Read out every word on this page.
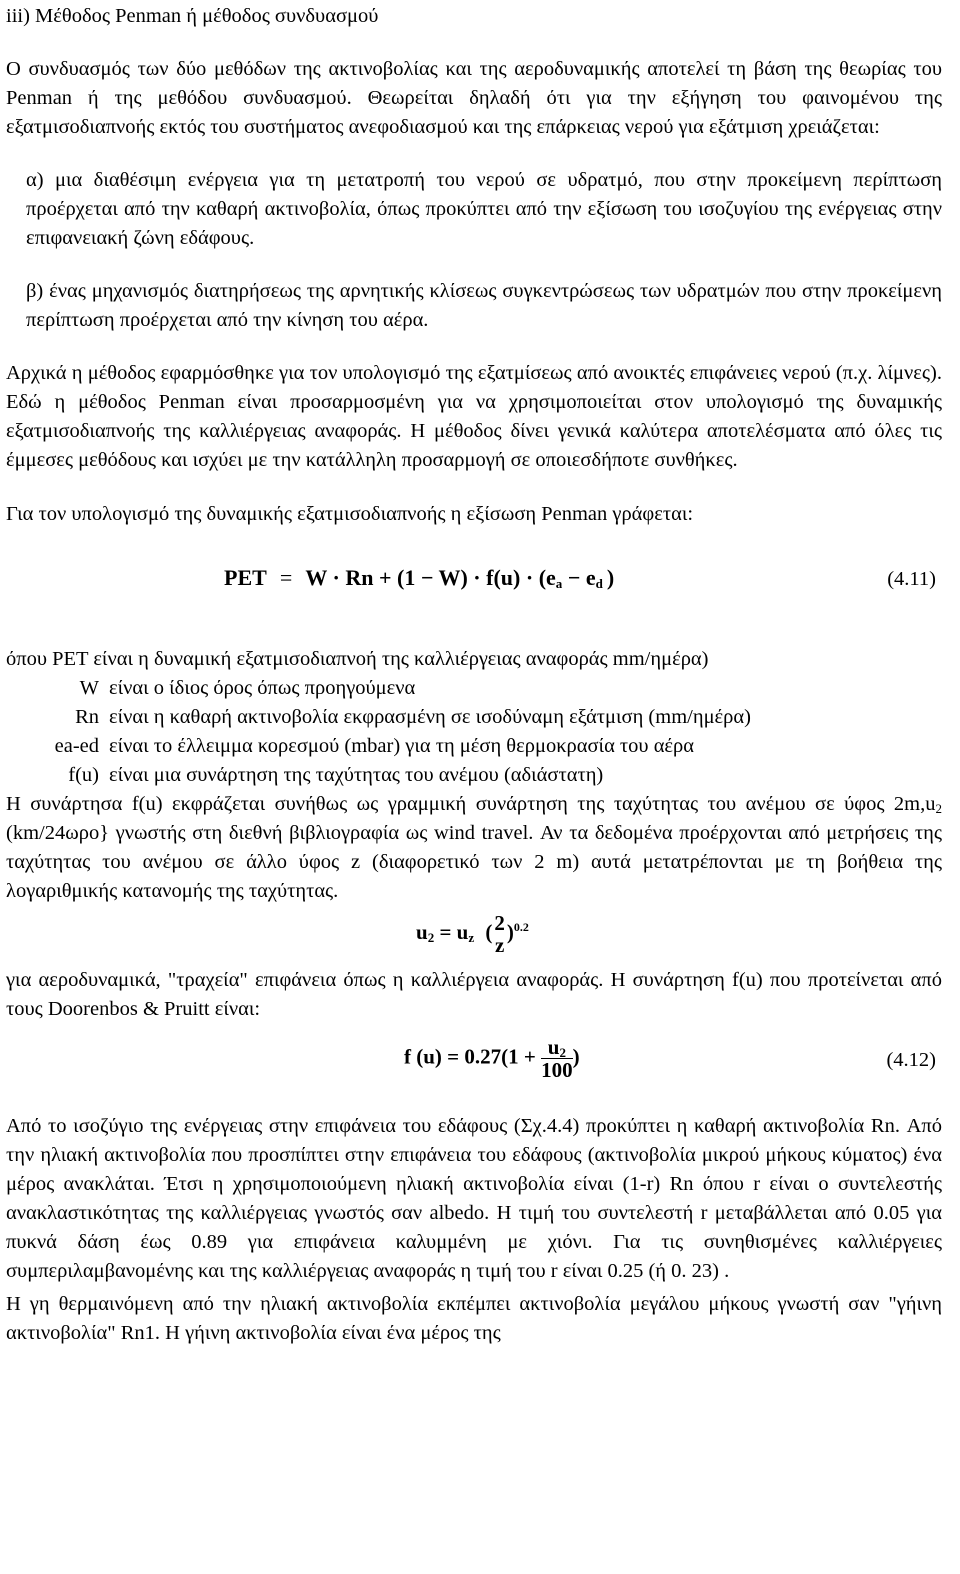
iii) Μέθοδος Penman ή μέθοδος συνδυασμού

Ο συνδυασμός των δύο μεθόδων της ακτινοβολίας και της αεροδυναμικής αποτελεί τη βάση της θεωρίας του Penman ή της μεθόδου συνδυασμού. Θεωρείται δηλαδή ότι για την εξήγηση του φαινομένου της εξατμισοδιαπνοής εκτός του συστήματος ανεφοδιασμού και της επάρκειας νερού για εξάτμιση χρειάζεται:

α) μια διαθέσιμη ενέργεια για τη μετατροπή του νερού σε υδρατμό, που στην προκείμενη περίπτωση προέρχεται από την καθαρή ακτινοβολία, όπως προκύπτει από την εξίσωση του ισοζυγίου της ενέργειας στην επιφανειακή ζώνη εδάφους.

β) ένας μηχανισμός διατηρήσεως της αρνητικής κλίσεως συγκεντρώσεως των υδρατμών που στην προκείμενη περίπτωση προέρχεται από την κίνηση του αέρα.

Αρχικά η μέθοδος εφαρμόσθηκε για τον υπολογισμό της εξατμίσεως από ανοικτές επιφάνειες νερού (π.χ. λίμνες). Εδώ η μέθοδος Penman είναι προσαρμοσμένη για να χρησιμοποιείται στον υπολογισμό της δυναμικής εξατμισοδιαπνοής της καλλιέργειας αναφοράς. Η μέθοδος δίνει γενικά καλύτερα αποτελέσματα από όλες τις έμμεσες μεθόδους και ισχύει με την κατάλληλη προσαρμογή σε οποιεσδήποτε συνθήκες.

Για τον υπολογισμό της δυναμικής εξατμισοδιαπνοής η εξίσωση Penman γράφεται:

PET = $W \cdot Rn + (1 - W) \cdot f(u) \cdot (e_a - e_d$ )	(4.11)

όπου PET είναι η δυναμική εξατμισοδιαπνοή της καλλιέργειας αναφοράς mm/ημέρα)

W είναι ο ίδιος όρος όπως προηγούμενα
Rn είναι η καθαρή ακτινοβολία εκφρασμένη σε ισοδύναμη εξάτμιση (mm/ημέρα)
ea-ed είναι το έλλειμμα κορεσμού (mbar) για τη μέση θερμοκρασία του αέρα
f(u) είναι μια συνάρτηση της ταχύτητας του ανέμου (αδιάστατη)

Η συνάρτησα f(u) εκφράζεται συνήθως ως γραμμική συνάρτηση της ταχύτητας του ανέμου σε ύφος $2m,u_2$ (km/24ωρο} γνωστής στη διεθνή βιβλιογραφία ως wind travel. Αν τα δεδομένα προέρχονται από μετρήσεις της ταχύτητας του ανέμου σε άλλο ύφος z (διαφορετικό των 2 m) αυτά μετατρέπονται με τη βοήθεια της λογαριθμικής κατανομής της ταχύτητας.

$u_2 = u_z$ ( 2
z
)$^{0.2}$

για αεροδυναμικά, "τραχεία" επιφάνεια όπως η καλλιέργεια αναφοράς. Η συνάρτηση f(u) που προτείνεται από τους Doorenbos & Pruitt είναι:

f $(u) = 0.27(1 + \frac{u_2}{100}$ )	(4.12)

Από το ισοζύγιο της ενέργειας στην επιφάνεια του εδάφους (Σχ.4.4) προκύπτει η καθαρή ακτινοβολία Rn. Από την ηλιακή ακτινοβολία που προσπίπτει στην επιφάνεια του εδάφους (ακτινοβολία μικρού μήκους κύματος) ένα μέρος ανακλάται. Έτσι η χρησιμοποιούμενη ηλιακή ακτινοβολία είναι (1-r) Rn όπου r είναι ο συντελεστής ανακλαστικότητας της καλλιέργειας γνωστός σαν albedo. Η τιμή του συντελεστή r μεταβάλλεται από 0.05 για πυκνά δάση έως 0.89 για επιφάνεια καλυμμένη με χιόνι. Για τις συνηθισμένες καλλιέργειες συμπεριλαμβανομένης και της καλλιέργειας αναφοράς η τιμή του r είναι 0.25 (ή 0. 23) .

Η γη θερμαινόμενη από την ηλιακή ακτινοβολία εκπέμπει ακτινοβολία μεγάλου μήκους γνωστή σαν "γήινη ακτινοβολία" Rn1. Η γήινη ακτινοβολία είναι ένα μέρος της
